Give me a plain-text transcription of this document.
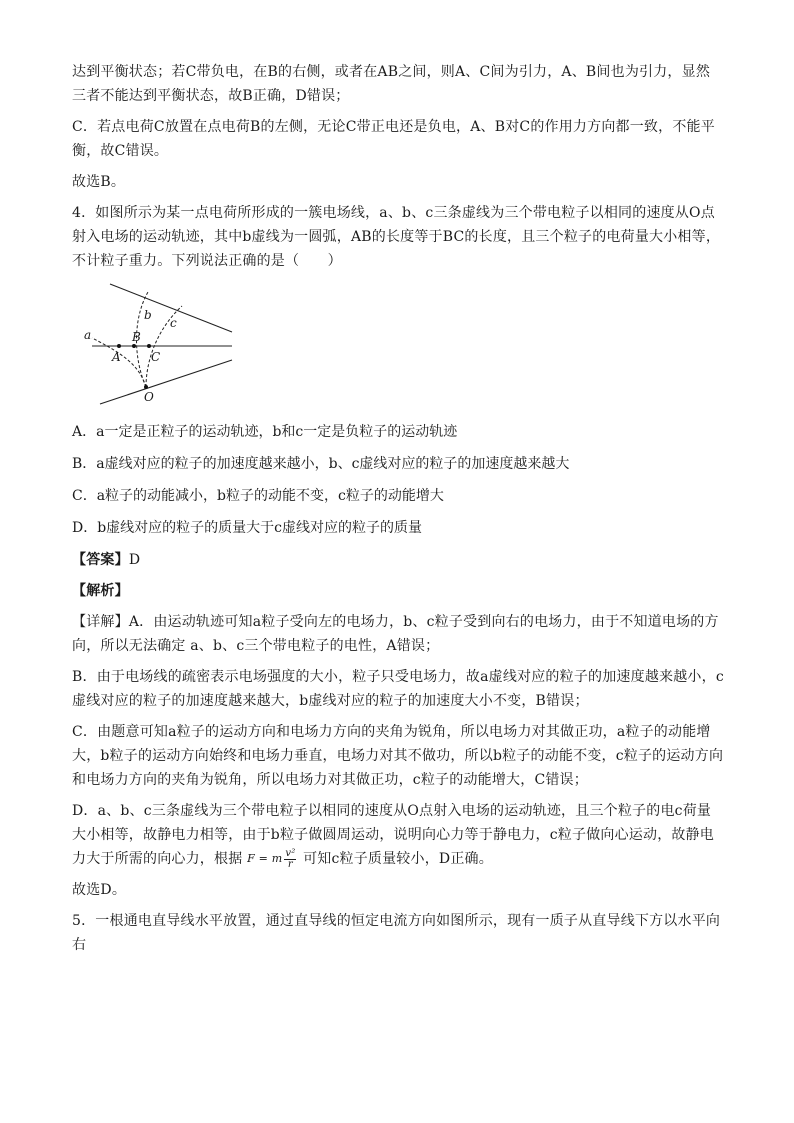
达到平衡状态；若C带负电，在B的右侧，或者在AB之间，则A、C间为引力，A、B间也为引力，显然三者不能达到平衡状态，故B正确，D错误；

C．若点电荷C放置在点电荷B的左侧，无论C带正电还是负电，A、B对C的作用力方向都一致，不能平衡，故C错误。

故选B。

4．如图所示为某一点电荷所形成的一簇电场线，a、b、c三条虚线为三个带电粒子以相同的速度从O点射入电场的运动轨迹，其中b虚线为一圆弧，AB的长度等于BC的长度，且三个粒子的电荷量大小相等，不计粒子重力。下列说法正确的是（　　）

a
b
c
A
B
C
O

A．a一定是正粒子的运动轨迹，b和c一定是负粒子的运动轨迹

B．a虚线对应的粒子的加速度越来越小，b、c虚线对应的粒子的加速度越来越大

C．a粒子的动能减小，b粒子的动能不变，c粒子的动能增大

D．b虚线对应的粒子的质量大于c虚线对应的粒子的质量

【答案】D

【解析】

【详解】A．由运动轨迹可知a粒子受向左的电场力，b、c粒子受到向右的电场力，由于不知道电场的方向，所以无法确定 a、b、c三个带电粒子的电性，A错误；

B．由于电场线的疏密表示电场强度的大小，粒子只受电场力，故a虚线对应的粒子的加速度越来越小，c虚线对应的粒子的加速度越来越大，b虚线对应的粒子的加速度大小不变，B错误；

C．由题意可知a粒子的运动方向和电场力方向的夹角为锐角，所以电场力对其做正功，a粒子的动能增大，b粒子的运动方向始终和电场力垂直，电场力对其不做功，所以b粒子的动能不变，c粒子的运动方向和电场力方向的夹角为锐角，所以电场力对其做正功，c粒子的动能增大，C错误；

D．a、b、c三条虚线为三个带电粒子以相同的速度从O点射入电场的运动轨迹，且三个粒子的电c荷量大小相等，故静电力相等，由于b粒子做圆周运动，说明向心力等于静电力，c粒子做向心运动，故静电力大于所需的向心力，根据 F = m $\frac{\text{v²}}{r}$ 可知c粒子质量较小，D正确。

故选D。

5．一根通电直导线水平放置，通过直导线的恒定电流方向如图所示，现有一质子从直导线下方以水平向右
